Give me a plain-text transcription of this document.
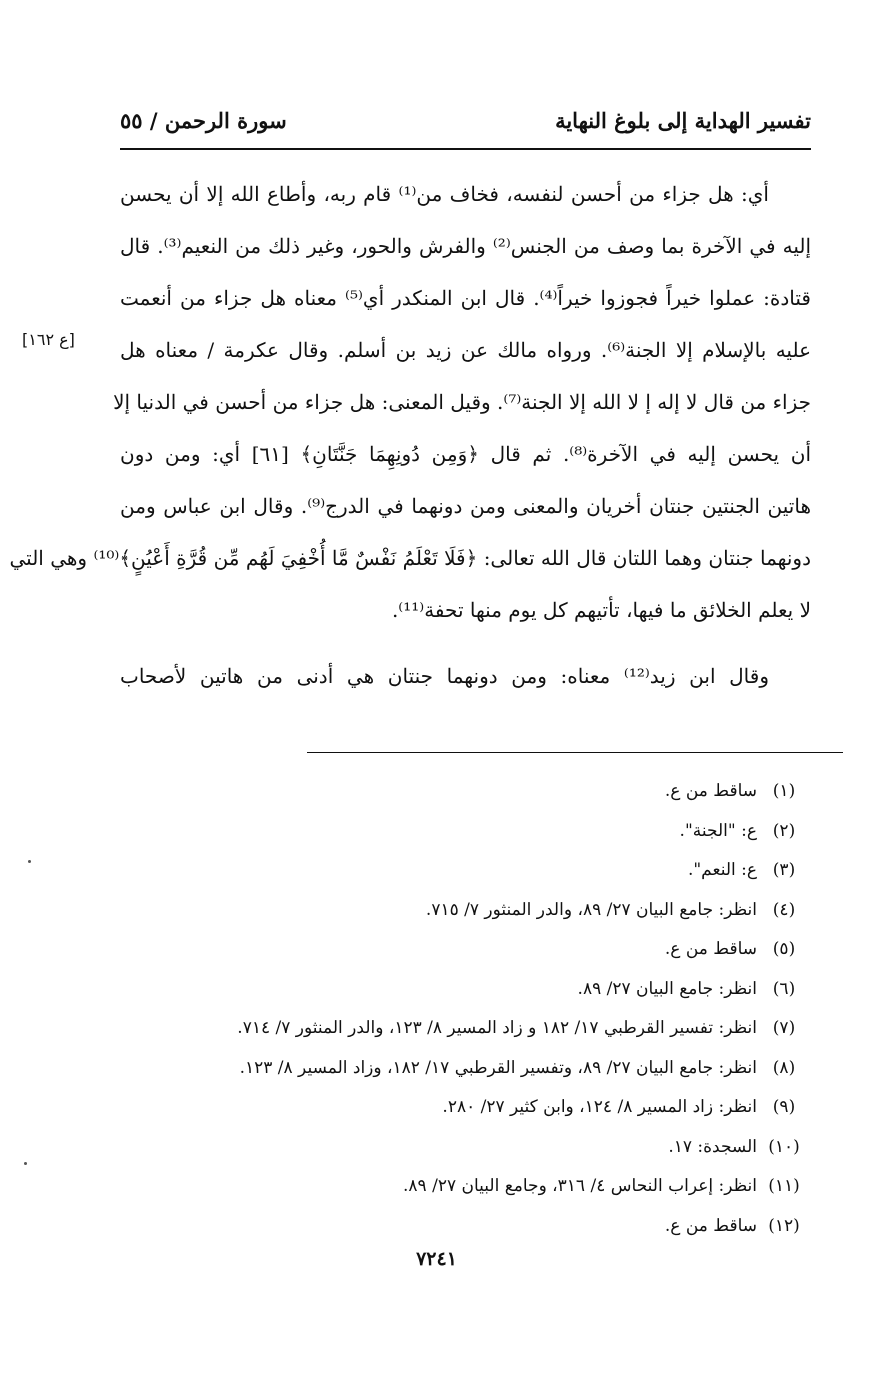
تفسير الهداية إلى بلوغ النهاية
سورة الرحمن / ٥٥
[ع ١٦٢]
أي: هل جزاء من أحسن لنفسه، فخاف من⁽¹⁾ قام ربه، وأطاع الله إلا أن يحسن
إليه في الآخرة بما وصف من الجنس⁽²⁾ والفرش والحور، وغير ذلك من النعيم⁽³⁾. قال
قتادة: عملوا خيراً فجوزوا خيراً⁽⁴⁾. قال ابن المنكدر أي⁽⁵⁾ معناه هل جزاء من أنعمت
عليه بالإسلام إلا الجنة⁽⁶⁾. ورواه مالك عن زيد بن أسلم. وقال عكرمة / معناه هل
جزاء من قال لا إله إ لا الله إلا الجنة⁽⁷⁾. وقيل المعنى: هل جزاء من أحسن في الدنيا إلا
أن يحسن إليه في الآخرة⁽⁸⁾. ثم قال ﴿وَمِن دُونِهِمَا جَنَّتَانِ﴾ [٦١] أي: ومن دون
هاتين الجنتين جنتان أخريان والمعنى ومن دونهما في الدرج⁽⁹⁾. وقال ابن عباس ومن
دونهما جنتان وهما اللتان قال الله تعالى: ﴿فَلَا تَعْلَمُ نَفْسٌ مَّا أُخْفِيَ لَهُم مِّن قُرَّةِ أَعْيُنٍ﴾⁽¹⁰⁾ وهي التي
لا يعلم الخلائق ما فيها، تأتيهم كل يوم منها تحفة⁽¹¹⁾.
وقال ابن زيد⁽¹²⁾ معناه: ومن دونهما جنتان هي أدنى من هاتين لأصحاب
(١)
ساقط من ع.
(٢)
ع: "الجنة".
(٣)
ع: النعم".
(٤)
انظر: جامع البيان ٢٧/ ٨٩، والدر المنثور ٧/ ٧١٥.
(٥)
ساقط من ع.
(٦)
انظر: جامع البيان ٢٧/ ٨٩.
(٧)
انظر: تفسير القرطبي ١٧/ ١٨٢ و زاد المسير ٨/ ١٢٣، والدر المنثور ٧/ ٧١٤.
(٨)
انظر: جامع البيان ٢٧/ ٨٩، وتفسير القرطبي ١٧/ ١٨٢، وزاد المسير ٨/ ١٢٣.
(٩)
انظر: زاد المسير ٨/ ١٢٤، وابن كثير ٢٧/ ٢٨٠.
(١٠)
السجدة: ١٧.
(١١)
انظر: إعراب النحاس ٤/ ٣١٦، وجامع البيان ٢٧/ ٨٩.
(١٢)
ساقط من ع.
٧٢٤١
